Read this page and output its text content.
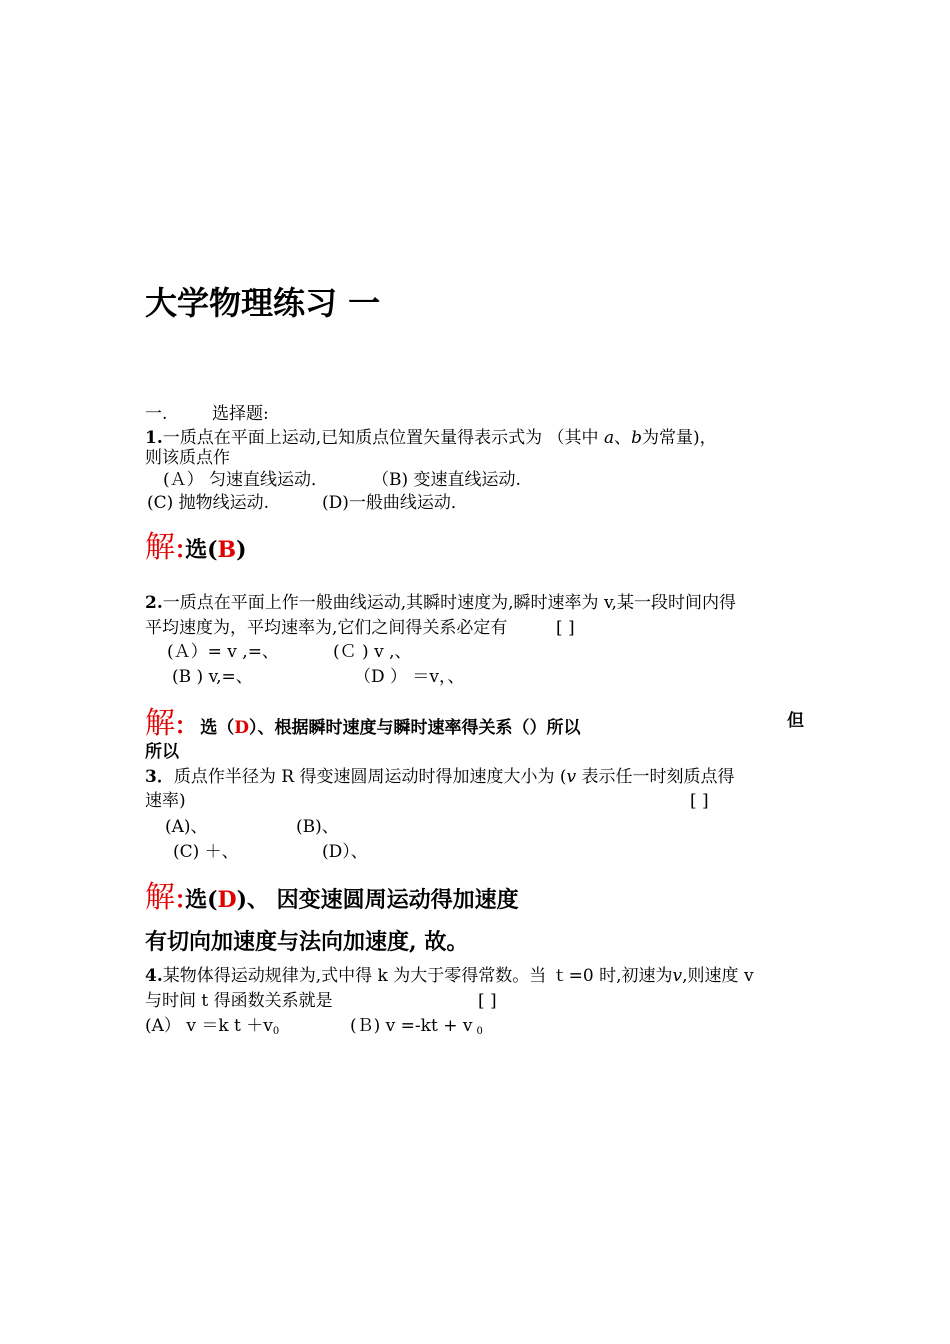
大学物理练习 一
一.	选择题:
1.一质点在平面上运动,已知质点位置矢量得表示式为 （其中 a、b为常量)，
则该质点作
(Ａ） 匀速直线运动．	（B) 变速直线运动.
(C) 抛物线运动.	(D)一般曲线运动．
解:选(B)
2.一质点在平面上作一般曲线运动,其瞬时速度为,瞬时速率为 v,某一段时间内得
平均速度为，平均速率为,它们之间得关系必定有	[ ]
(Ａ）= v ,=、	(Ｃ ) v ,、
(B ) v,=、	（D ） ＝v，、
解: 选（D）、根据瞬时速度与瞬时速率得关系（）所以	但
所以
3．质点作半径为 R 得变速圆周运动时得加速度大小为 (v 表示任一时刻质点得
速率)	[ ]
(A)、	(B)、
(C) ＋、	(D）、
解:选(D)、 因变速圆周运动得加速度
有切向加速度与法向加速度, 故。
4.某物体得运动规律为,式中得 k 为大于零得常数。当 ｔ=0 时,初速为v,则速度 v
与时间 t 得函数关系就是	[ ]
(A） v ＝k $t +v_0$	(Ｂ) v =-kt + v $_0$
